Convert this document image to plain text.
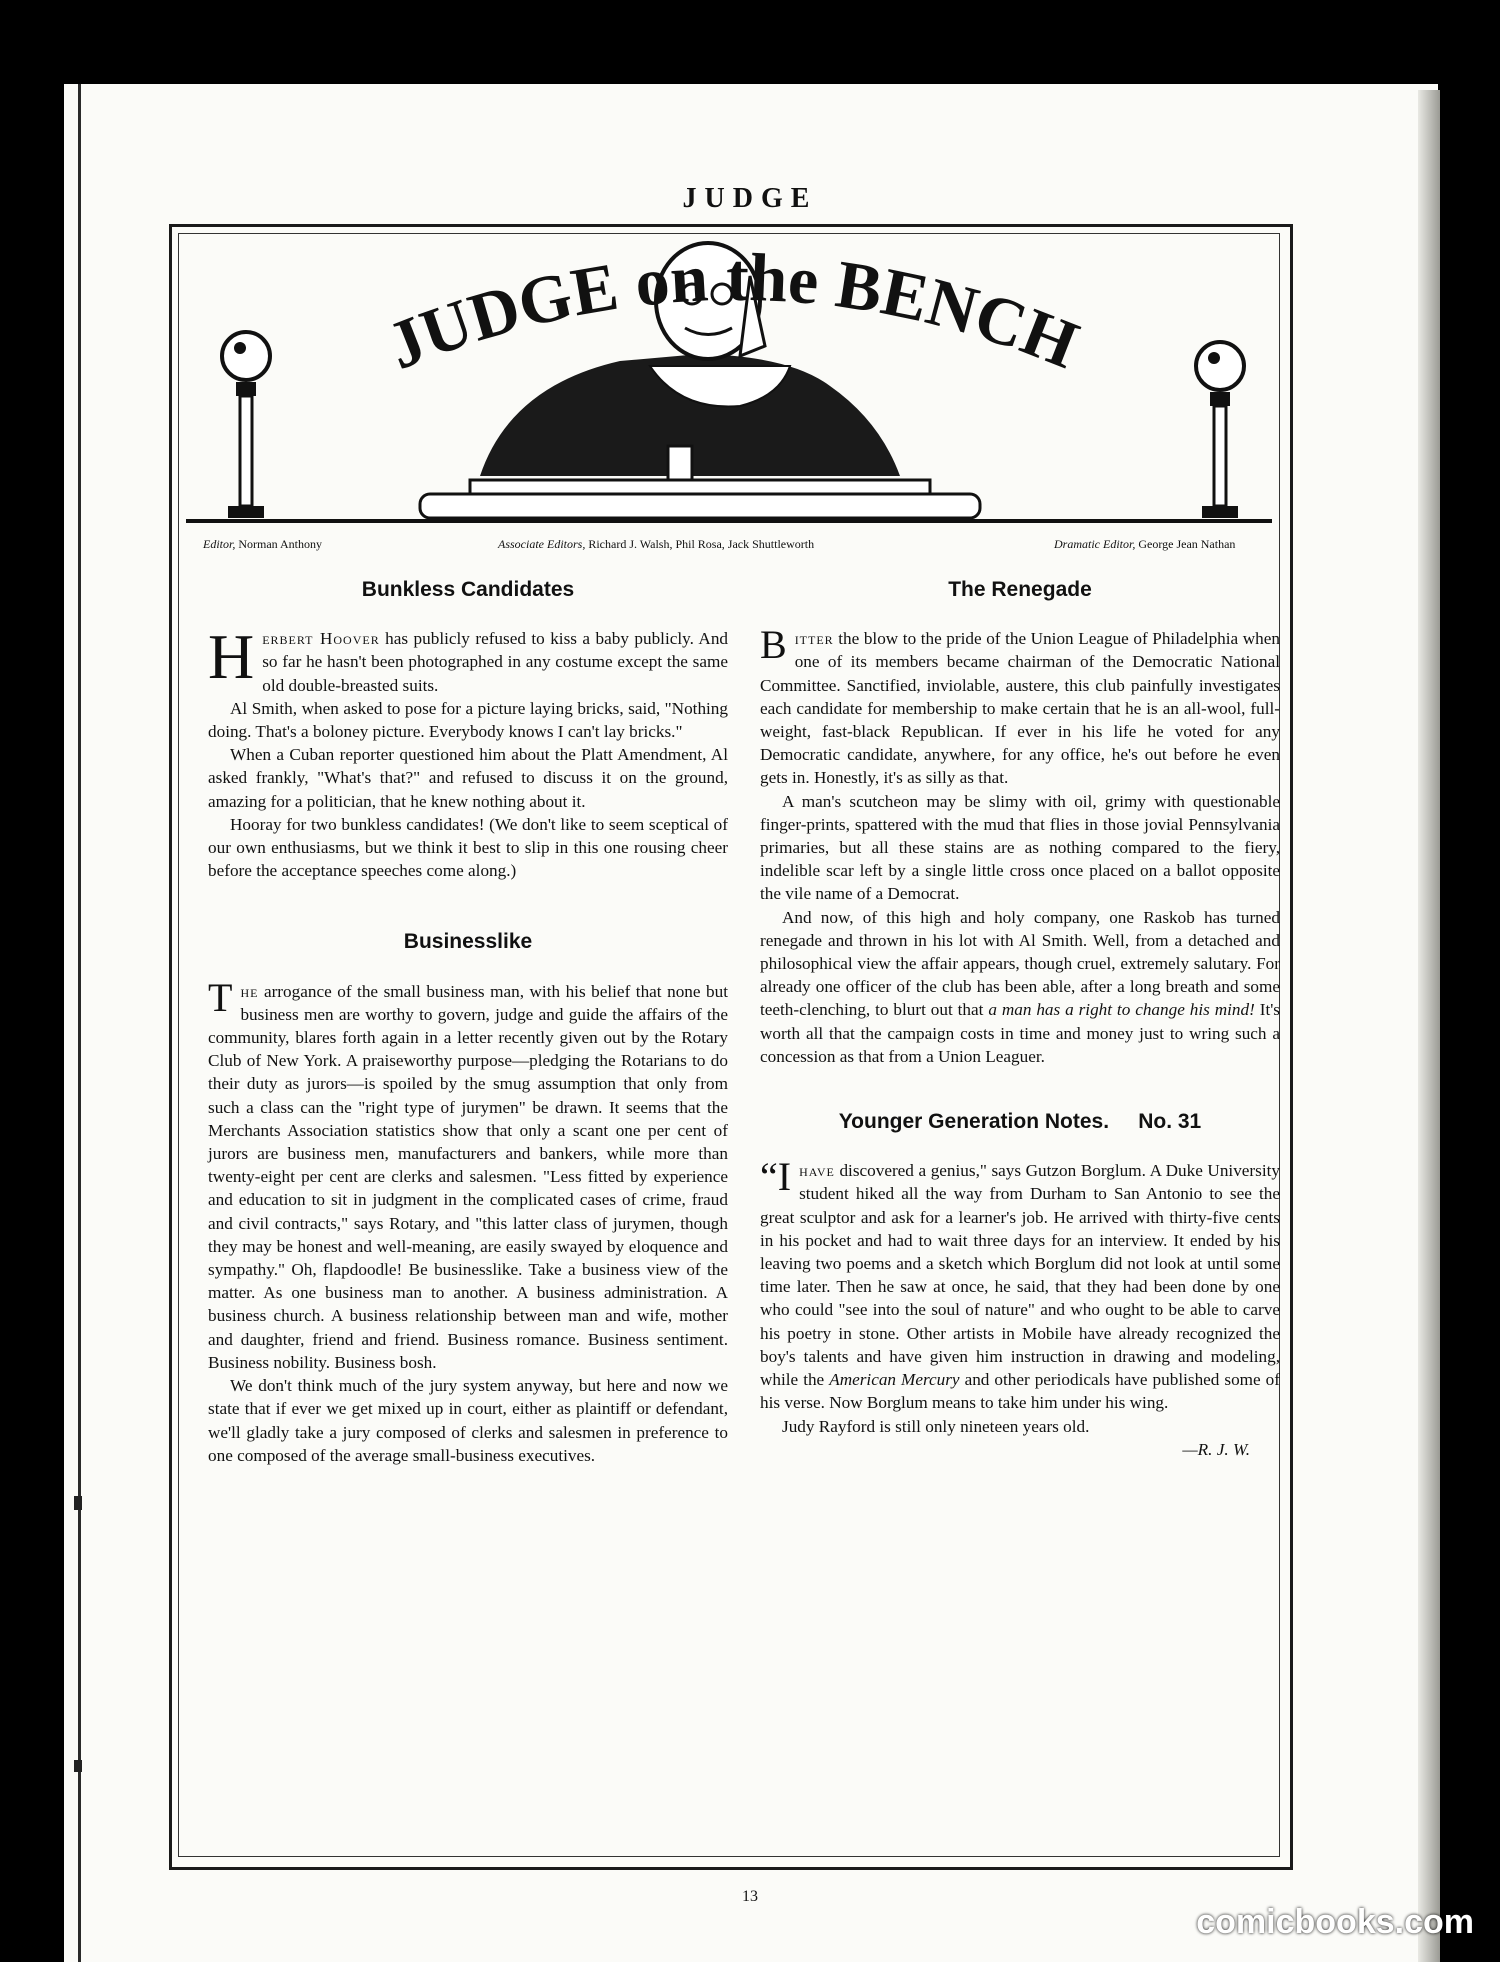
JUDGE
JUDGE on the BENCH
Editor, Norman Anthony	Associate Editors, Richard J. Walsh, Phil Rosa, Jack Shuttleworth	Dramatic Editor, George Jean Nathan
Bunkless Candidates

Herbert Hoover has publicly refused to kiss a baby publicly. And so far he hasn't been photographed in any costume except the same old double-breasted suits.

Al Smith, when asked to pose for a picture laying bricks, said, "Nothing doing. That's a boloney picture. Everybody knows I can't lay bricks."

When a Cuban reporter questioned him about the Platt Amendment, Al asked frankly, "What's that?" and refused to discuss it on the ground, amazing for a politician, that he knew nothing about it.

Hooray for two bunkless candidates! (We don't like to seem sceptical of our own enthusiasms, but we think it best to slip in this one rousing cheer before the acceptance speeches come along.)

Businesslike

The arrogance of the small business man, with his belief that none but business men are worthy to govern, judge and guide the affairs of the community, blares forth again in a letter recently given out by the Rotary Club of New York. A praiseworthy purpose—pledging the Rotarians to do their duty as jurors—is spoiled by the smug assumption that only from such a class can the "right type of jurymen" be drawn. It seems that the Merchants Association statistics show that only a scant one per cent of jurors are business men, manufacturers and bankers, while more than twenty-eight per cent are clerks and salesmen. "Less fitted by experience and education to sit in judgment in the complicated cases of crime, fraud and civil contracts," says Rotary, and "this latter class of jurymen, though they may be honest and well-meaning, are easily swayed by eloquence and sympathy." Oh, flapdoodle! Be businesslike. Take a business view of the matter. As one business man to another. A business administration. A business church. A business relationship between man and wife, mother and daughter, friend and friend. Business romance. Business sentiment. Business nobility. Business bosh.

We don't think much of the jury system anyway, but here and now we state that if ever we get mixed up in court, either as plaintiff or defendant, we'll gladly take a jury composed of clerks and salesmen in preference to one composed of the average small-business executives.

The Renegade

Bitter the blow to the pride of the Union League of Philadelphia when one of its members became chairman of the Democratic National Committee. Sanctified, inviolable, austere, this club painfully investigates each candidate for membership to make certain that he is an all-wool, full-weight, fast-black Republican. If ever in his life he voted for any Democratic candidate, anywhere, for any office, he's out before he even gets in. Honestly, it's as silly as that.

A man's scutcheon may be slimy with oil, grimy with questionable finger-prints, spattered with the mud that flies in those jovial Pennsylvania primaries, but all these stains are as nothing compared to the fiery, indelible scar left by a single little cross once placed on a ballot opposite the vile name of a Democrat.

And now, of this high and holy company, one Raskob has turned renegade and thrown in his lot with Al Smith. Well, from a detached and philosophical view the affair appears, though cruel, extremely salutary. For already one officer of the club has been able, after a long breath and some teeth-clenching, to blurt out that a man has a right to change his mind! It's worth all that the campaign costs in time and money just to wring such a concession as that from a Union Leaguer.

Younger Generation Notes.     No. 31

“Ihave discovered a genius," says Gutzon Borglum. A Duke University student hiked all the way from Durham to San Antonio to see the great sculptor and ask for a learner's job. He arrived with thirty-five cents in his pocket and had to wait three days for an interview. It ended by his leaving two poems and a sketch which Borglum did not look at until some time later. Then he saw at once, he said, that they had been done by one who could "see into the soul of nature" and who ought to be able to carve his poetry in stone. Other artists in Mobile have already recognized the boy's talents and have given him instruction in drawing and modeling, while the American Mercury and other periodicals have published some of his verse. Now Borglum means to take him under his wing.

Judy Rayford is still only nineteen years old.

—R. J. W.

13
comicbooks.com
